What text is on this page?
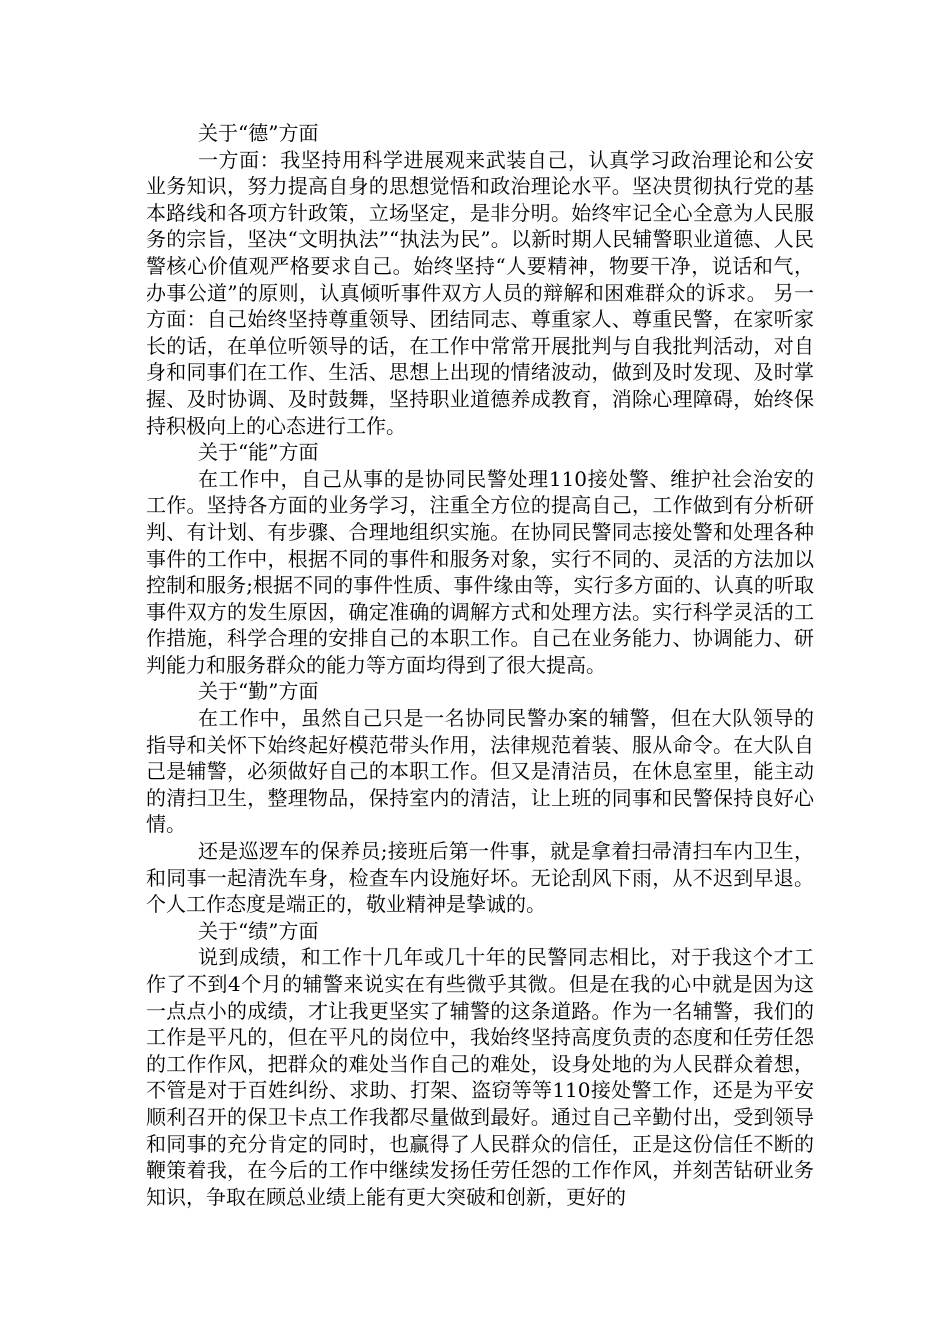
关于“德”方面

一方面：我坚持用科学进展观来武装自己，认真学习政治理论和公安业务知识，努力提高自身的思想觉悟和政治理论水平。坚决贯彻执行党的基本路线和各项方针政策，立场坚定，是非分明。始终牢记全心全意为人民服务的宗旨，坚决“文明执法”“执法为民”。以新时期人民辅警职业道德、人民警核心价值观严格要求自己。始终坚持“人要精神，物要干净，说话和气，办事公道”的原则，认真倾听事件双方人员的辩解和困难群众的诉求。 另一方面：自己始终坚持尊重领导、团结同志、尊重家人、尊重民警，在家听家长的话，在单位听领导的话，在工作中常常开展批判与自我批判活动，对自身和同事们在工作、生活、思想上出现的情绪波动，做到及时发现、及时掌握、及时协调、及时鼓舞，坚持职业道德养成教育，消除心理障碍，始终保持积极向上的心态进行工作。

关于“能”方面

在工作中，自己从事的是协同民警处理110接处警、维护社会治安的工作。坚持各方面的业务学习，注重全方位的提高自己，工作做到有分析研判、有计划、有步骤、合理地组织实施。在协同民警同志接处警和处理各种事件的工作中，根据不同的事件和服务对象，实行不同的、灵活的方法加以控制和服务;根据不同的事件性质、事件缘由等，实行多方面的、认真的听取事件双方的发生原因，确定准确的调解方式和处理方法。实行科学灵活的工作措施，科学合理的安排自己的本职工作。自己在业务能力、协调能力、研判能力和服务群众的能力等方面均得到了很大提高。

关于“勤”方面

在工作中，虽然自己只是一名协同民警办案的辅警，但在大队领导的指导和关怀下始终起好模范带头作用，法律规范着装、服从命令。在大队自己是辅警，必须做好自己的本职工作。但又是清洁员，在休息室里，能主动的清扫卫生，整理物品，保持室内的清洁，让上班的同事和民警保持良好心情。

还是巡逻车的保养员;接班后第一件事，就是拿着扫帚清扫车内卫生，和同事一起清洗车身，检查车内设施好坏。无论刮风下雨，从不迟到早退。个人工作态度是端正的，敬业精神是挚诚的。

关于“绩”方面

说到成绩，和工作十几年或几十年的民警同志相比，对于我这个才工作了不到4个月的辅警来说实在有些微乎其微。但是在我的心中就是因为这一点点小的成绩，才让我更坚实了辅警的这条道路。作为一名辅警，我们的工作是平凡的，但在平凡的岗位中，我始终坚持高度负责的态度和任劳任怨的工作作风，把群众的难处当作自己的难处，设身处地的为人民群众着想，不管是对于百姓纠纷、求助、打架、盗窃等等110接处警工作，还是为平安顺利召开的保卫卡点工作我都尽量做到最好。通过自己辛勤付出，受到领导和同事的充分肯定的同时，也赢得了人民群众的信任，正是这份信任不断的鞭策着我，在今后的工作中继续发扬任劳任怨的工作作风，并刻苦钻研业务知识，争取在顾总业绩上能有更大突破和创新，更好的
